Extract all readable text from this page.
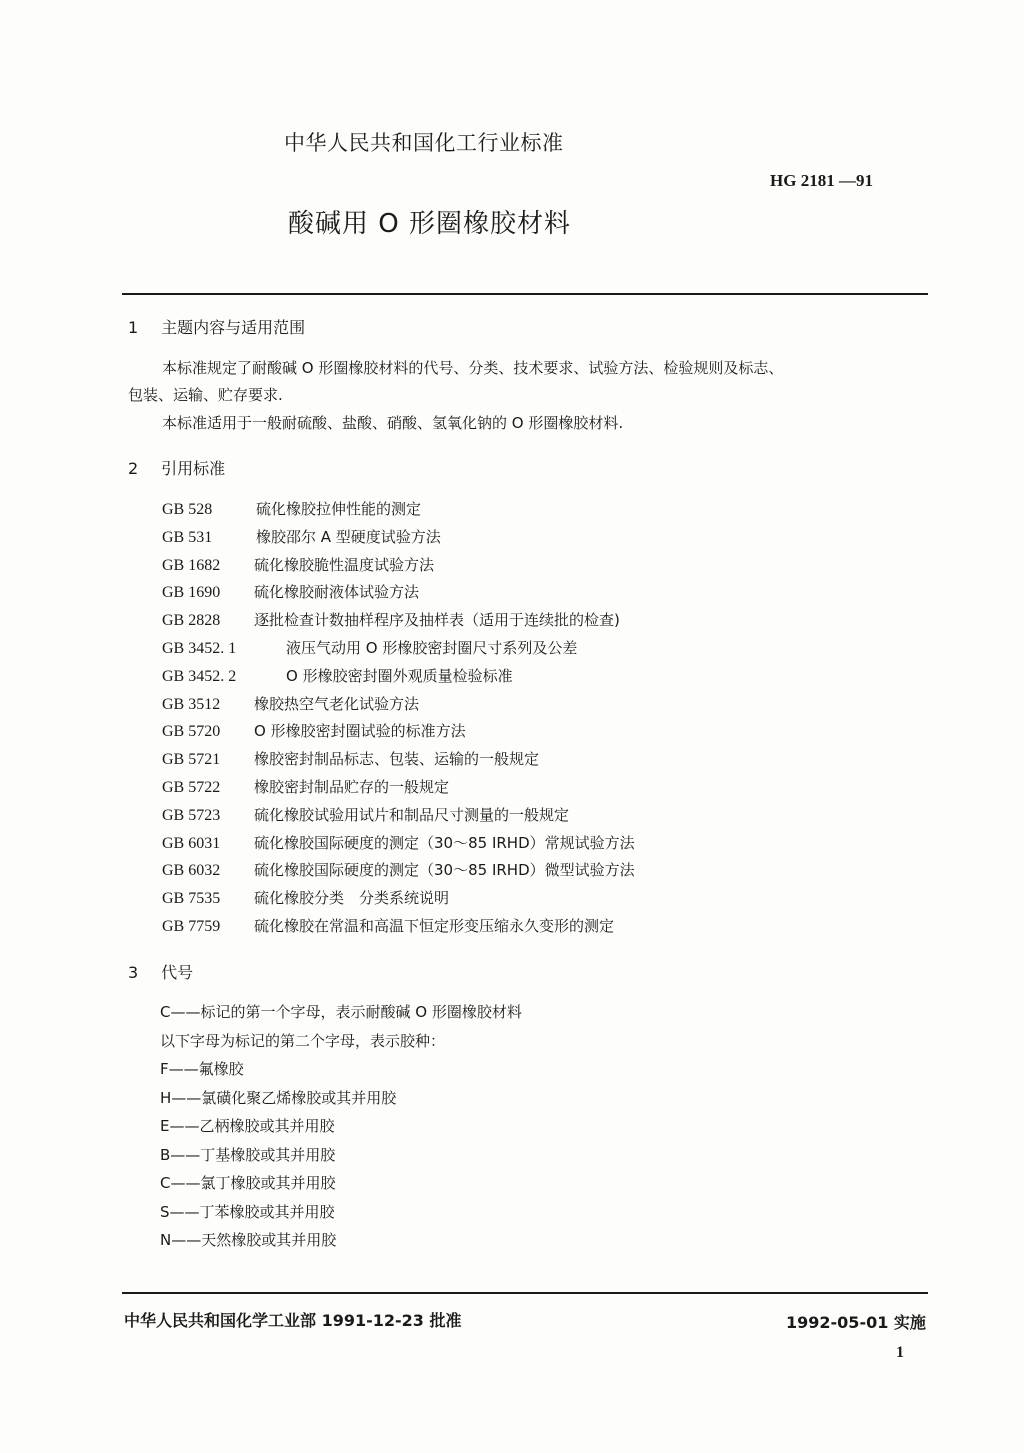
中华人民共和国化工行业标准
HG 2181 —91
酸碱用 O 形圈橡胶材料
1 主题内容与适用范围
本标准规定了耐酸碱 O 形圈橡胶材料的代号、分类、技术要求、试验方法、检验规则及标志、
包装、运输、贮存要求.
本标准适用于一般耐硫酸、盐酸、硝酸、氢氧化钠的 O 形圈橡胶材料.
2 引用标准
GB 528	硫化橡胶拉伸性能的测定
GB 531	橡胶邵尔 A 型硬度试验方法
GB 1682 硫化橡胶脆性温度试验方法
GB 1690 硫化橡胶耐液体试验方法
GB 2828 逐批检查计数抽样程序及抽样表（适用于连续批的检查)
GB 3452. 1	液压气动用 O 形橡胶密封圈尺寸系列及公差
GB 3452. 2	O 形橡胶密封圈外观质量检验标准
GB 3512 橡胶热空气老化试验方法
GB 5720 O 形橡胶密封圈试验的标准方法
GB 5721 橡胶密封制品标志、包装、运输的一般规定
GB 5722 橡胶密封制品贮存的一般规定
GB 5723 硫化橡胶试验用试片和制品尺寸测量的一般规定
GB 6031 硫化橡胶国际硬度的测定（30～85 IRHD）常规试验方法
GB 6032 硫化橡胶国际硬度的测定（30～85 IRHD）微型试验方法
GB 7535 硫化橡胶分类　分类系统说明
GB 7759 硫化橡胶在常温和高温下恒定形变压缩永久变形的测定
3 代号
C——标记的第一个字母，表示耐酸碱 O 形圈橡胶材料
以下字母为标记的第二个字母，表示胶种：
F——氟橡胶
H——氯磺化聚乙烯橡胶或其并用胶
E——乙柄橡胶或其并用胶
B——丁基橡胶或其并用胶
C——氯丁橡胶或其并用胶
S——丁苯橡胶或其并用胶
N——天然橡胶或其并用胶
中华人民共和国化学工业部 1991-12-23 批准	1992-05-01 实施
1
